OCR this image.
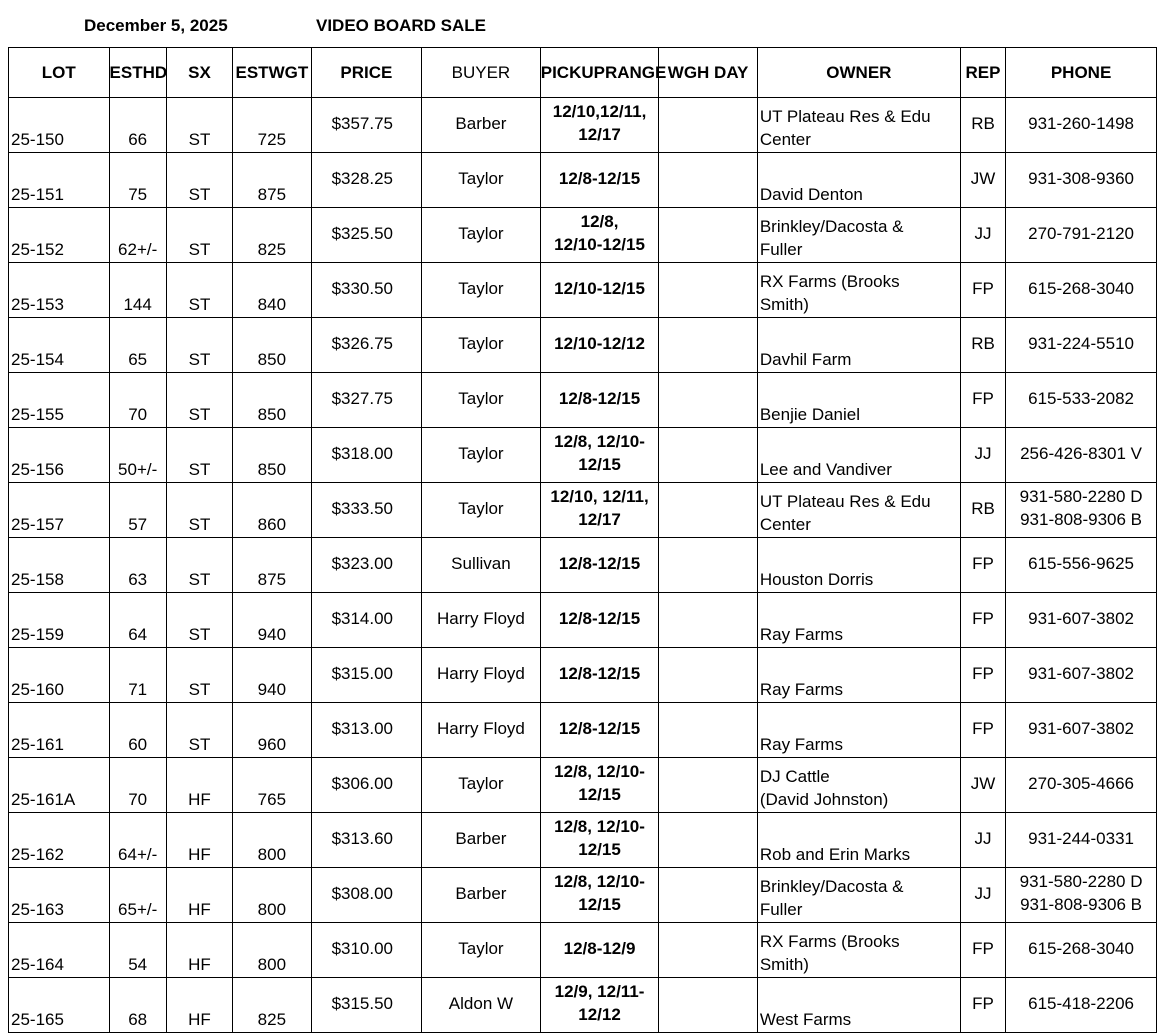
December 5, 2025	VIDEO BOARD SALE
LOT	ESTHD	SX	ESTWGT	PRICE	BUYER	PICKUPRANGE	WGH DAY	OWNER	REP	PHONE
25-150	66	ST	725	$357.75	Barber	12/10,12/11,
12/17		UT Plateau Res & Edu
Center	RB	931-260-1498

25-151	75	ST	875	$328.25	Taylor	12/8-12/15		David Denton	JW	931-308-9360

25-152	62+/-	ST	825	$325.50	Taylor	12/8,
12/10-12/15		Brinkley/Dacosta &
Fuller	JJ	270-791-2120

25-153	144	ST	840	$330.50	Taylor	12/10-12/15		RX Farms (Brooks
Smith)	FP	615-268-3040

25-154	65	ST	850	$326.75	Taylor	12/10-12/12		Davhil Farm	RB	931-224-5510

25-155	70	ST	850	$327.75	Taylor	12/8-12/15		Benjie Daniel	FP	615-533-2082

25-156	50+/-	ST	850	$318.00	Taylor	12/8, 12/10-
12/15		Lee and Vandiver	JJ	256-426-8301 V

25-157	57	ST	860	$333.50	Taylor	12/10, 12/11,
12/17		UT Plateau Res & Edu
Center	RB	931-580-2280 D
931-808-9306 B

25-158	63	ST	875	$323.00	Sullivan	12/8-12/15		Houston Dorris	FP	615-556-9625

25-159	64	ST	940	$314.00	Harry Floyd	12/8-12/15		Ray Farms	FP	931-607-3802

25-160	71	ST	940	$315.00	Harry Floyd	12/8-12/15		Ray Farms	FP	931-607-3802

25-161	60	ST	960	$313.00	Harry Floyd	12/8-12/15		Ray Farms	FP	931-607-3802

25-161A	70	HF	765	$306.00	Taylor	12/8, 12/10-
12/15		DJ Cattle
(David Johnston)	JW	270-305-4666

25-162	64+/-	HF	800	$313.60	Barber	12/8, 12/10-
12/15		Rob and Erin Marks	JJ	931-244-0331

25-163	65+/-	HF	800	$308.00	Barber	12/8, 12/10-
12/15		Brinkley/Dacosta &
Fuller	JJ	931-580-2280 D
931-808-9306 B

25-164	54	HF	800	$310.00	Taylor	12/8-12/9		RX Farms (Brooks
Smith)	FP	615-268-3040

25-165	68	HF	825	$315.50	Aldon W	12/9, 12/11-
12/12		West Farms	FP	615-418-2206
